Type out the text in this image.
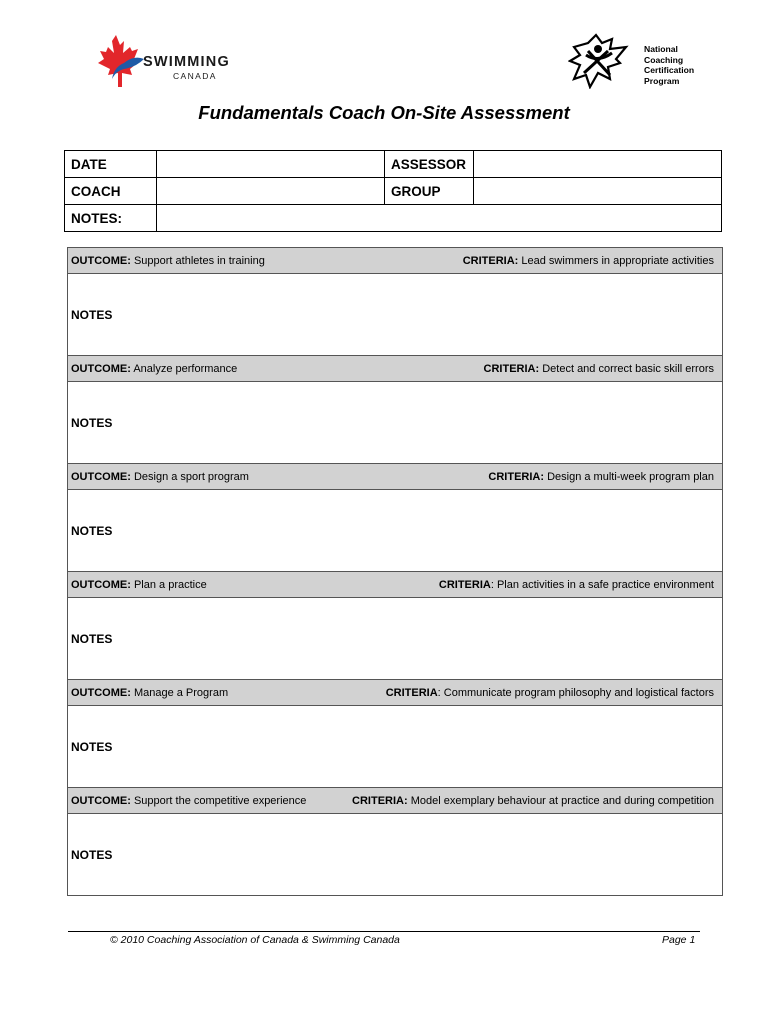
SWIMMING
CANADA
National
Coaching
Certification
Program
Fundamentals Coach On-Site Assessment
DATE		ASSESSOR	
COACH		GROUP	
NOTES:			
OUTCOME: Support athletes in training	CRITERIA: Lead swimmers in appropriate activities
NOTES
OUTCOME: Analyze performance	CRITERIA: Detect and correct basic skill errors
NOTES
OUTCOME: Design a sport program	CRITERIA: Design a multi-week program plan
NOTES
OUTCOME: Plan a practice	CRITERIA: Plan activities in a safe practice environment
NOTES
OUTCOME: Manage a Program	CRITERIA: Communicate program philosophy and logistical factors
NOTES
OUTCOME: Support the competitive experience	CRITERIA: Model exemplary behaviour at practice and during competition
NOTES
© 2010 Coaching Association of Canada & Swimming Canada	Page 1
